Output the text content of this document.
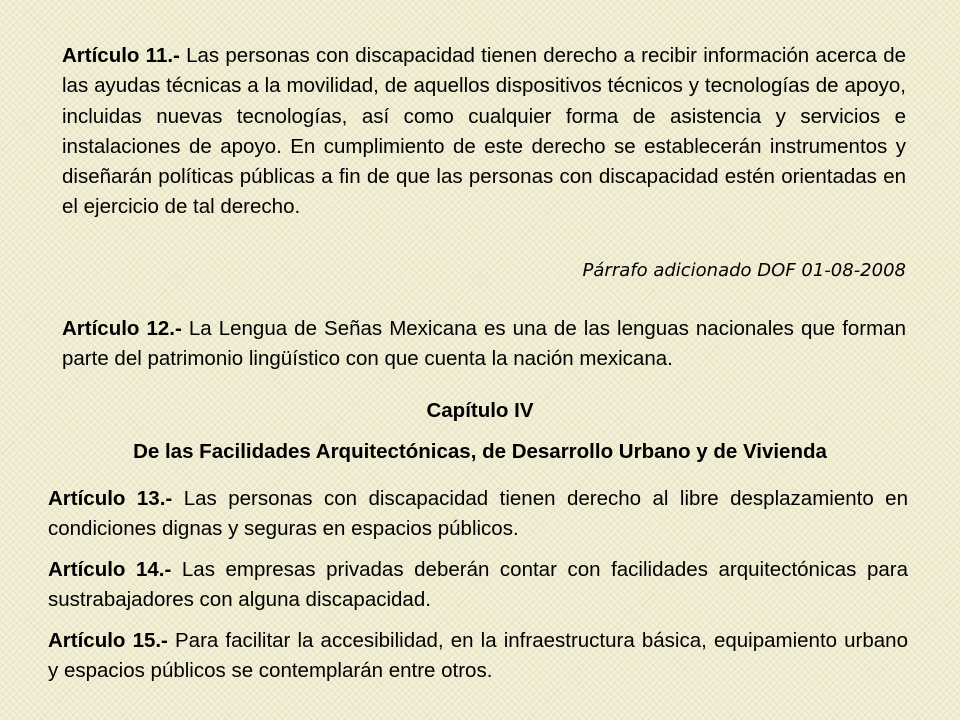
Artículo 11.- Las personas con discapacidad tienen derecho a recibir información acerca de las ayudas técnicas a la movilidad, de aquellos dispositivos técnicos y tecnologías de apoyo, incluidas nuevas tecnologías, así como cualquier forma de asistencia y servicios e instalaciones de apoyo. En cumplimiento de este derecho se establecerán instrumentos y diseñarán políticas públicas a fin de que las personas con discapacidad estén orientadas en el ejercicio de tal derecho.

Párrafo adicionado DOF 01-08-2008

Artículo 12.- La Lengua de Señas Mexicana es una de las lenguas nacionales que forman parte del patrimonio lingüístico con que cuenta la nación mexicana.

Capítulo IV

De las Facilidades Arquitectónicas, de Desarrollo Urbano y de Vivienda

Artículo 13.- Las personas con discapacidad tienen derecho al libre desplazamiento en condiciones dignas y seguras en espacios públicos.

Artículo 14.- Las empresas privadas deberán contar con facilidades arquitectónicas para sustrabajadores con alguna discapacidad.

Artículo 15.- Para facilitar la accesibilidad, en la infraestructura básica, equipamiento urbano y espacios públicos se contemplarán entre otros.
